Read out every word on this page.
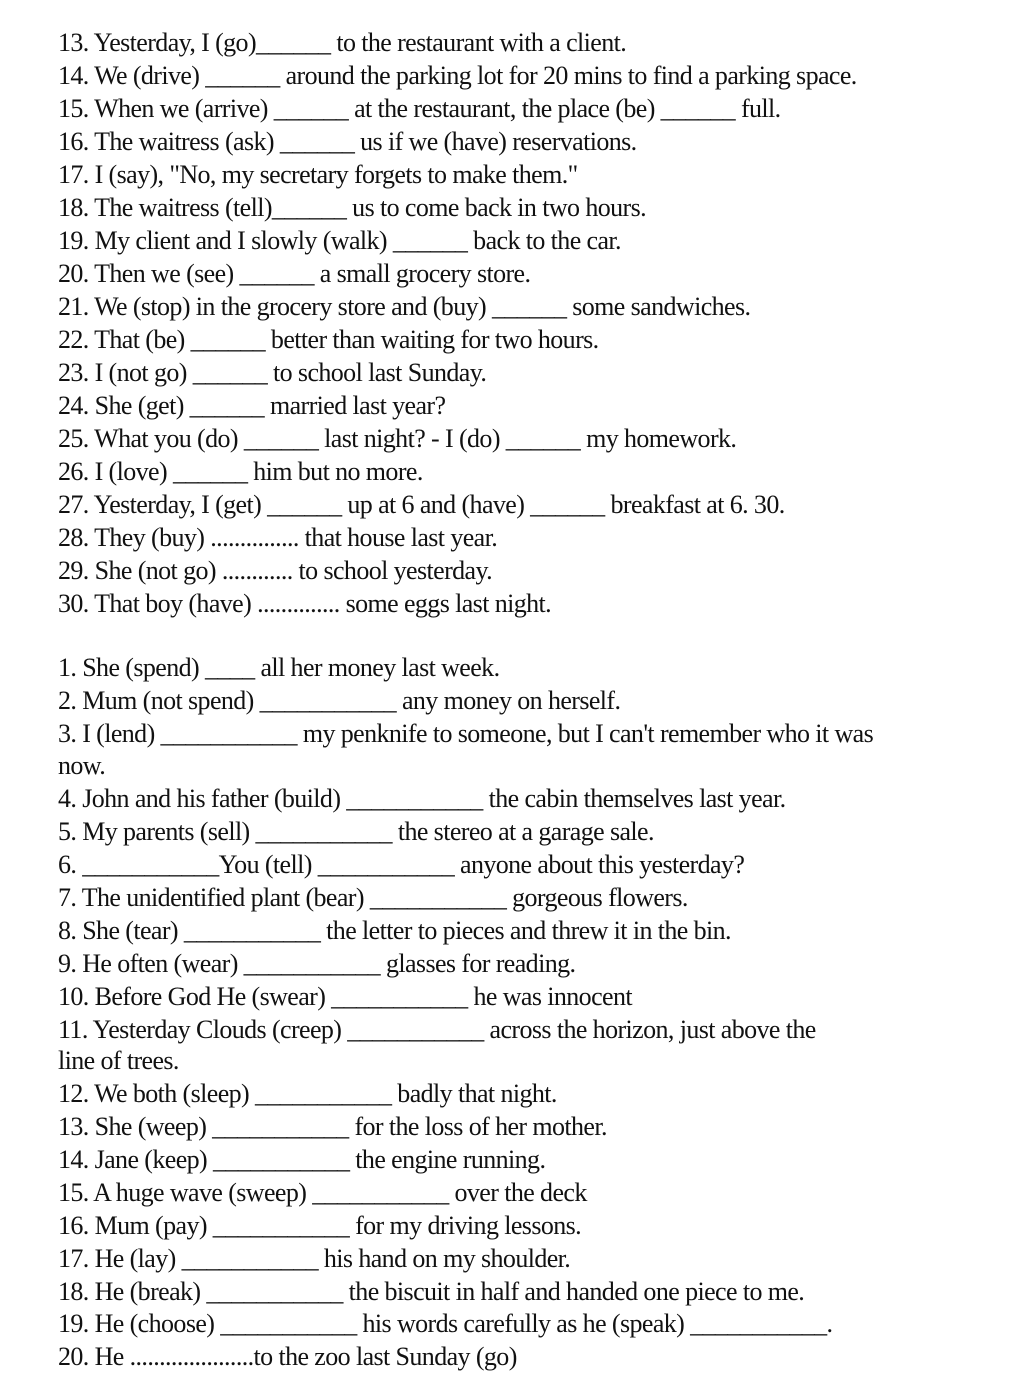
13. Yesterday, I (go)______ to the restaurant with a client.
14. We (drive) ______ around the parking lot for 20 mins to find a parking space.
15. When we (arrive) ______ at the restaurant, the place (be) ______ full.
16. The waitress (ask) ______ us if we (have) reservations.
17. I (say), "No, my secretary forgets to make them."
18. The waitress (tell)______ us to come back in two hours.
19. My client and I slowly (walk) ______ back to the car.
20. Then we (see) ______ a small grocery store.
21. We (stop) in the grocery store and (buy) ______ some sandwiches.
22. That (be) ______ better than waiting for two hours.
23. I (not go) ______ to school last Sunday.
24. She (get) ______ married last year?
25. What you (do) ______ last night? - I (do) ______ my homework.
26. I (love) ______ him but no more.
27. Yesterday, I (get) ______ up at 6 and (have) ______ breakfast at 6. 30.
28. They (buy) ............... that house last year.
29. She (not go) ............ to school yesterday.
30. That boy (have) .............. some eggs last night.
1. She (spend) ____ all her money last week.
2. Mum (not spend) ___________ any money on herself.
3. I (lend) ___________ my penknife to someone, but I can't remember who it was
now.
4. John and his father (build) ___________ the cabin themselves last year.
5. My parents (sell) ___________ the stereo at a garage sale.
6. ___________You (tell) ___________ anyone about this yesterday?
7. The unidentified plant (bear) ___________ gorgeous flowers.
8. She (tear) ___________ the letter to pieces and threw it in the bin.
9. He often (wear) ___________ glasses for reading.
10. Before God He (swear) ___________ he was innocent
11. Yesterday Clouds (creep) ___________ across the horizon, just above the
line of trees.
12. We both (sleep) ___________ badly that night.
13. She (weep) ___________ for the loss of her mother.
14. Jane (keep) ___________ the engine running.
15. A huge wave (sweep) ___________ over the deck
16. Mum (pay) ___________ for my driving lessons.
17. He (lay) ___________ his hand on my shoulder.
18. He (break) ___________ the biscuit in half and handed one piece to me.
19. He (choose) ___________ his words carefully as he (speak) ___________.
20. He .....................to the zoo last Sunday (go)
